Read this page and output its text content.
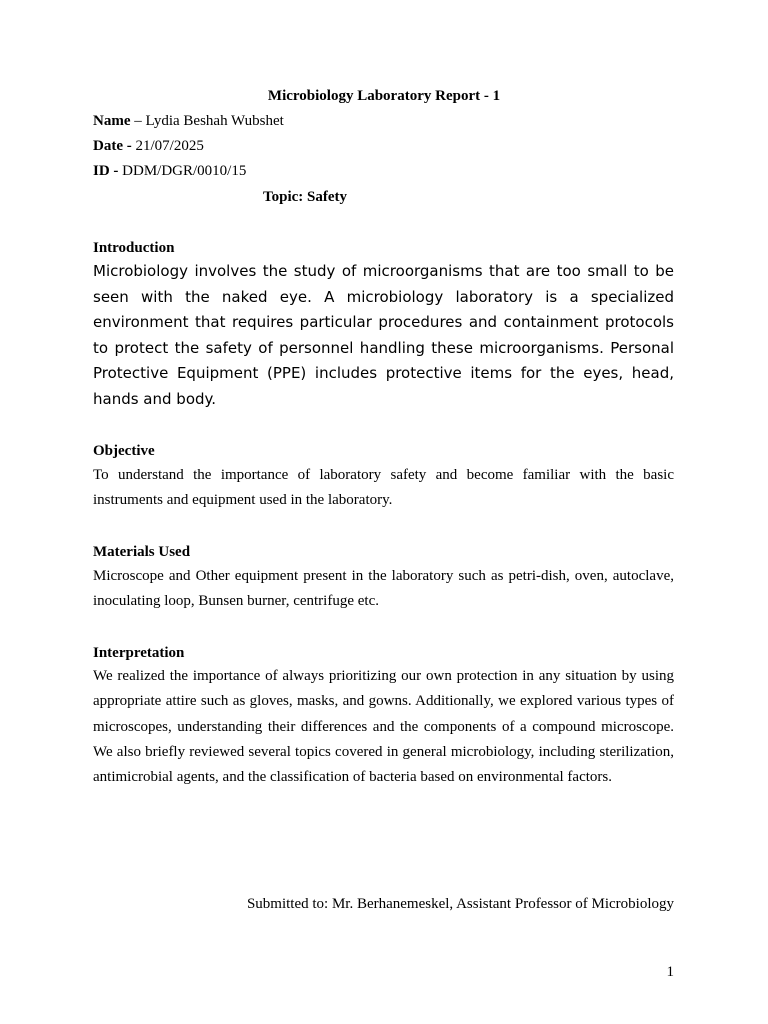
Microbiology Laboratory Report - 1
Name – Lydia Beshah Wubshet
Date - 21/07/2025
ID - DDM/DGR/0010/15
Topic: Safety
Introduction

Microbiology involves the study of microorganisms that are too small to be seen with the naked eye. A microbiology laboratory is a specialized environment that requires particular procedures and containment protocols to protect the safety of personnel handling these microorganisms. Personal Protective Equipment (PPE) includes protective items for the eyes, head, hands and body.

Objective

To understand the importance of laboratory safety and become familiar with the basic instruments and equipment used in the laboratory.

Materials Used

Microscope and Other equipment present in the laboratory such as petri-dish, oven, autoclave, inoculating loop, Bunsen burner, centrifuge etc.

Interpretation

We realized the importance of always prioritizing our own protection in any situation by using appropriate attire such as gloves, masks, and gowns. Additionally, we explored various types of microscopes, understanding their differences and the components of a compound microscope. We also briefly reviewed several topics covered in general microbiology, including sterilization, antimicrobial agents, and the classification of bacteria based on environmental factors.

Submitted to: Mr. Berhanemeskel, Assistant Professor of Microbiology
1
